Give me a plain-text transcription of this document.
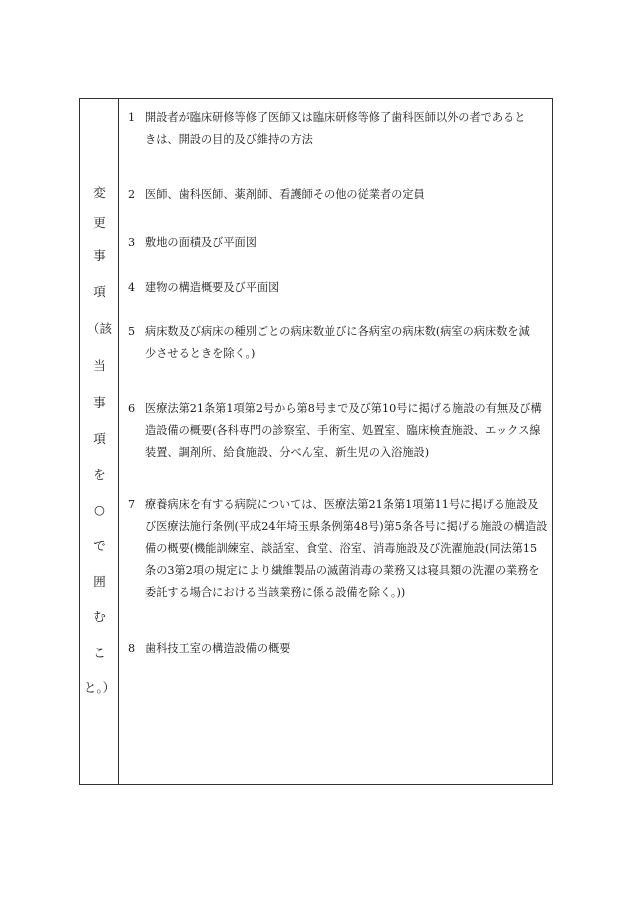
変
更
事
項
（該
当
事
項
を
○
で
囲
む
こ
と。）
1 開設者が臨床研修等修了医師又は臨床研修等修了歯科医師以外の者であると
きは、開設の目的及び維持の方法
2 医師、歯科医師、薬剤師、看護師その他の従業者の定員
3 敷地の面積及び平面図
4 建物の構造概要及び平面図
5 病床数及び病床の種別ごとの病床数並びに各病室の病床数(病室の病床数を減
少させるときを除く。)
6 医療法第21条第1項第2号から第8号まで及び第10号に掲げる施設の有無及び構
造設備の概要(各科専門の診察室、手術室、処置室、臨床検査施設、エックス線
装置、調剤所、給食施設、分べん室、新生児の入浴施設)
7 療養病床を有する病院については、医療法第21条第1項第11号に掲げる施設及
び医療法施行条例(平成24年埼玉県条例第48号)第5条各号に掲げる施設の構造設
備の概要(機能訓練室、談話室、食堂、浴室、消毒施設及び洗濯施設(同法第15
条の3第2項の規定により繊維製品の滅菌消毒の業務又は寝具類の洗濯の業務を
委託する場合における当該業務に係る設備を除く。))
8 歯科技工室の構造設備の概要
